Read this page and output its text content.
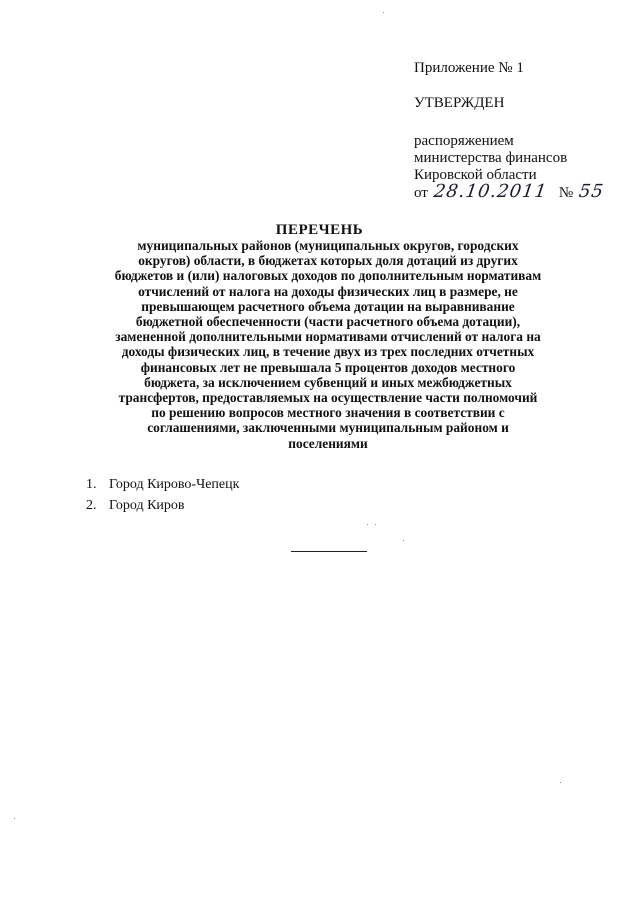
Приложение № 1
УТВЕРЖДЕН
распоряжением
министерства финансов
Кировской области
от 28.10.2011 № 55
ПЕРЕЧЕНЬ
муниципальных районов (муниципальных округов, городских
округов) области, в бюджетах которых доля дотаций из других
бюджетов и (или) налоговых доходов по дополнительным нормативам
отчислений от налога на доходы физических лиц в размере, не
превышающем расчетного объема дотации на выравнивание
бюджетной обеспеченности (части расчетного объема дотации),
замененной дополнительными нормативами отчислений от налога на
доходы физических лиц, в течение двух из трех последних отчетных
финансовых лет не превышала 5 процентов доходов местного
бюджета, за исключением субвенций и иных межбюджетных
трансфертов, предоставляемых на осуществление части полномочий
по решению вопросов местного значения в соответствии с
соглашениями, заключенными муниципальным районом и
поселениями
1. Город Кирово-Чепецк
2. Город Киров
